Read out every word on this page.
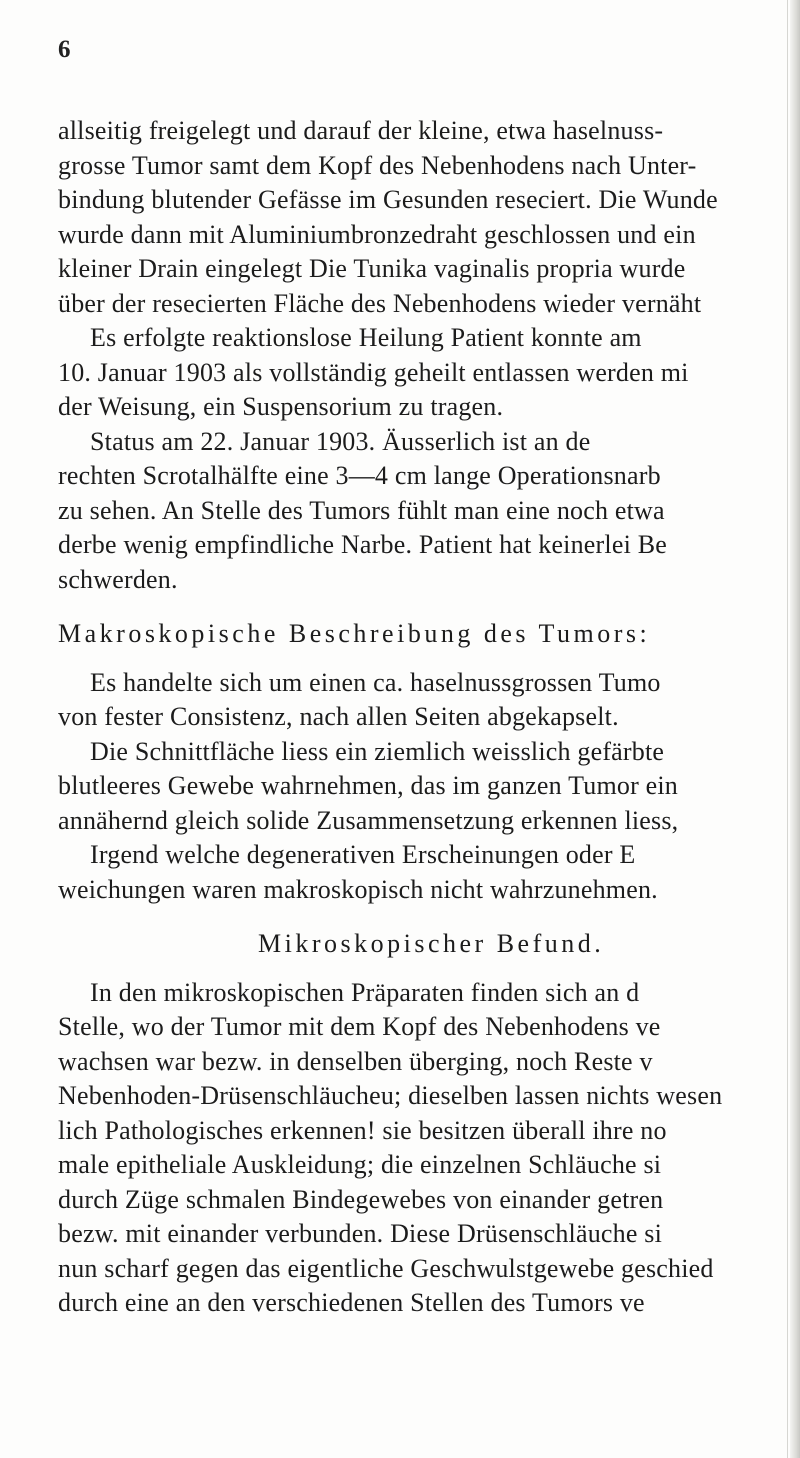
6
allseitig freigelegt und darauf der kleine, etwa haselnuss-
grosse Tumor samt dem Kopf des Nebenhodens nach Unter-
bindung blutender Gefässe im Gesunden reseciert. Die Wunde
wurde dann mit Aluminiumbronzedraht geschlossen und ein
kleiner Drain eingelegt Die Tunika vaginalis propria wurde
über der resecierten Fläche des Nebenhodens wieder vernäht
Es erfolgte reaktionslose Heilung Patient konnte am
10. Januar 1903 als vollständig geheilt entlassen werden mi
der Weisung, ein Suspensorium zu tragen.
Status am 22. Januar 1903. Äusserlich ist an de
rechten Scrotalhälfte eine 3—4 cm lange Operationsnarb
zu sehen. An Stelle des Tumors fühlt man eine noch etwa
derbe wenig empfindliche Narbe. Patient hat keinerlei Be
schwerden.
Makroskopische Beschreibung des Tumors:
Es handelte sich um einen ca. haselnussgrossen Tumo
von fester Consistenz, nach allen Seiten abgekapselt.
Die Schnittfläche liess ein ziemlich weisslich gefärbte
blutleeres Gewebe wahrnehmen, das im ganzen Tumor ein
annähernd gleich solide Zusammensetzung erkennen liess,
Irgend welche degenerativen Erscheinungen oder E
weichungen waren makroskopisch nicht wahrzunehmen.
Mikroskopischer Befund.
In den mikroskopischen Präparaten finden sich an d
Stelle, wo der Tumor mit dem Kopf des Nebenhodens ve
wachsen war bezw. in denselben überging, noch Reste v
Nebenhoden-Drüsenschläucheu; dieselben lassen nichts wesen
lich Pathologisches erkennen! sie besitzen überall ihre no
male epitheliale Auskleidung; die einzelnen Schläuche si
durch Züge schmalen Bindegewebes von einander getren
bezw. mit einander verbunden. Diese Drüsenschläuche si
nun scharf gegen das eigentliche Geschwulstgewebe geschied
durch eine an den verschiedenen Stellen des Tumors ve
